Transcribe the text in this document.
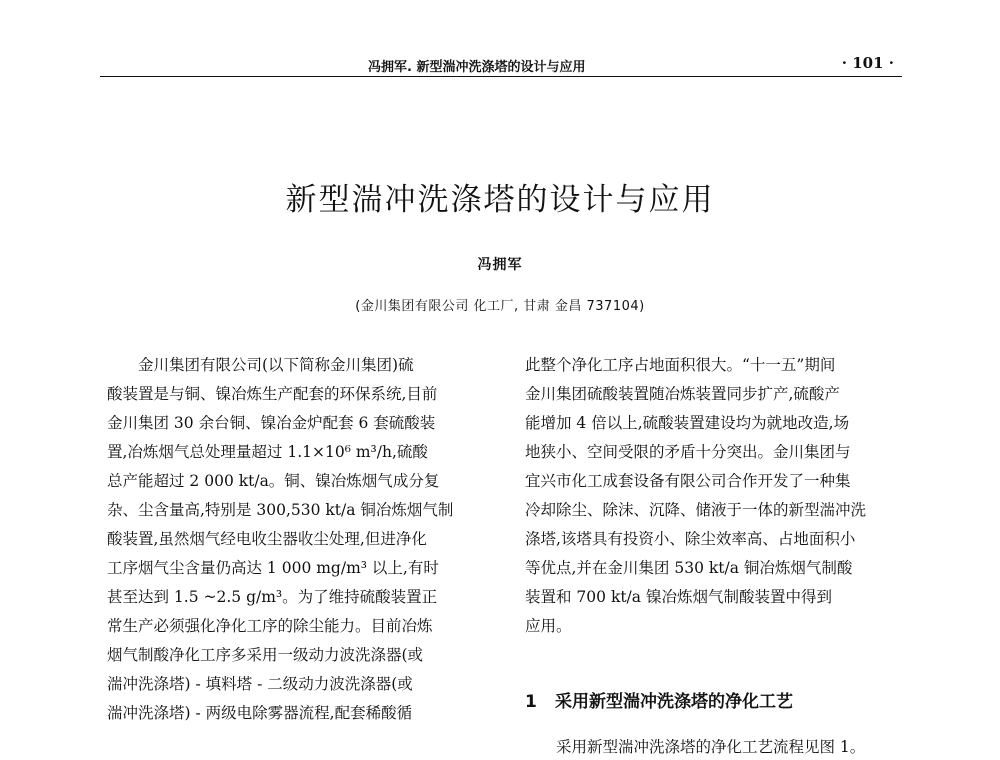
冯拥军. 新型湍冲洗涤塔的设计与应用	· 101 ·
新型湍冲洗涤塔的设计与应用
冯拥军
(金川集团有限公司 化工厂, 甘肃 金昌 737104)
金川集团有限公司(以下简称金川集团)硫
酸装置是与铜、镍冶炼生产配套的环保系统,目前
金川集团 30 余台铜、镍冶金炉配套 6 套硫酸装
置,冶炼烟气总处理量超过 1.1×10⁶ m³/h,硫酸
总产能超过 2 000 kt/a。铜、镍冶炼烟气成分复
杂、尘含量高,特别是 300,530 kt/a 铜冶炼烟气制
酸装置,虽然烟气经电收尘器收尘处理,但进净化
工序烟气尘含量仍高达 1 000 mg/m³ 以上,有时
甚至达到 1.5 ~2.5 g/m³。为了维持硫酸装置正
常生产必须强化净化工序的除尘能力。目前冶炼
烟气制酸净化工序多采用一级动力波洗涤器(或
湍冲洗涤塔) - 填料塔 - 二级动力波洗涤器(或
湍冲洗涤塔) - 两级电除雾器流程,配套稀酸循
此整个净化工序占地面积很大。“十一五”期间
金川集团硫酸装置随冶炼装置同步扩产,硫酸产
能增加 4 倍以上,硫酸装置建设均为就地改造,场
地狭小、空间受限的矛盾十分突出。金川集团与
宜兴市化工成套设备有限公司合作开发了一种集
冷却除尘、除沫、沉降、储液于一体的新型湍冲洗
涤塔,该塔具有投资小、除尘效率高、占地面积小
等优点,并在金川集团 530 kt/a 铜冶炼烟气制酸
装置和 700 kt/a 镍冶炼烟气制酸装置中得到
应用。
1 采用新型湍冲洗涤塔的净化工艺
采用新型湍冲洗涤塔的净化工艺流程见图 1。
